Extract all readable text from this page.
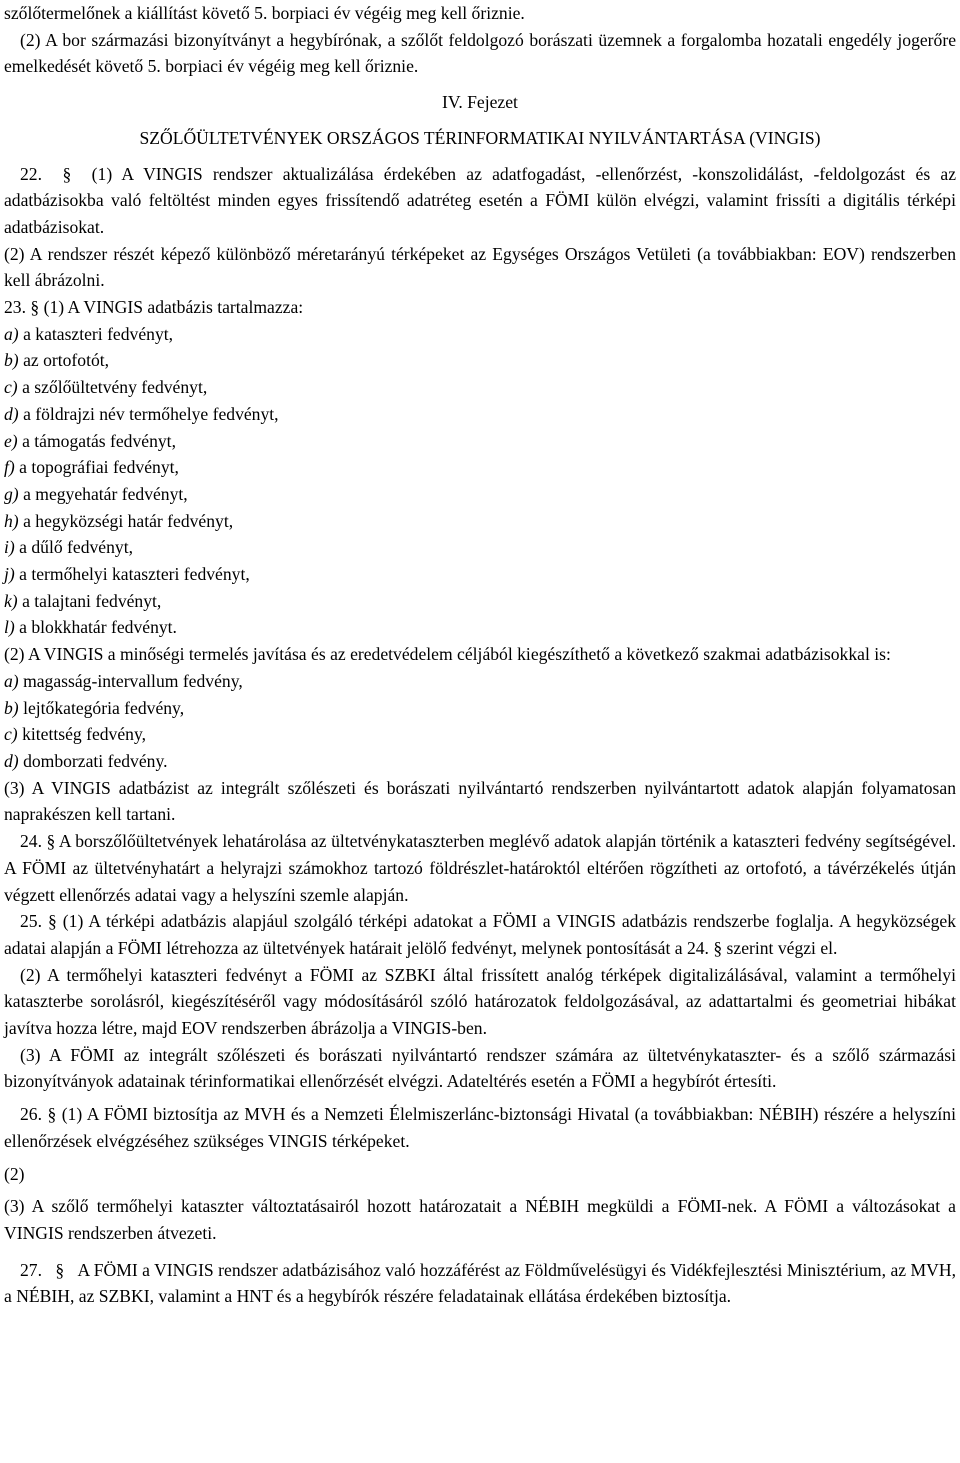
szőlőtermelőnek a kiállítást követő 5. borpiaci év végéig meg kell őriznie.

(2) A bor származási bizonyítványt a hegybírónak, a szőlőt feldolgozó borászati üzemnek a forgalomba hozatali engedély jogerőre emelkedését követő 5. borpiaci év végéig meg kell őriznie.

IV. Fejezet

SZŐLŐÜLTETVÉNYEK ORSZÁGOS TÉRINFORMATIKAI NYILVÁNTARTÁSA (VINGIS)

22. § (1) A VINGIS rendszer aktualizálása érdekében az adatfogadást, -ellenőrzést, -konszolidálást, -feldolgozást és az adatbázisokba való feltöltést minden egyes frissítendő adatréteg esetén a FÖMI külön elvégzi, valamint frissíti a digitális térképi adatbázisokat.

(2) A rendszer részét képező különböző méretarányú térképeket az Egységes Országos Vetületi (a továbbiakban: EOV) rendszerben kell ábrázolni.

23. § (1) A VINGIS adatbázis tartalmazza:

a) a kataszteri fedvényt,

b) az ortofotót,

c) a szőlőültetvény fedvényt,

d) a földrajzi név termőhelye fedvényt,

e) a támogatás fedvényt,

f) a topográfiai fedvényt,

g) a megyehatár fedvényt,

h) a hegyközségi határ fedvényt,

i) a dűlő fedvényt,

j) a termőhelyi kataszteri fedvényt,

k) a talajtani fedvényt,

l) a blokkhatár fedvényt.

(2) A VINGIS a minőségi termelés javítása és az eredetvédelem céljából kiegészíthető a következő szakmai adatbázisokkal is:

a) magasság-intervallum fedvény,

b) lejtőkategória fedvény,

c) kitettség fedvény,

d) domborzati fedvény.

(3) A VINGIS adatbázist az integrált szőlészeti és borászati nyilvántartó rendszerben nyilvántartott adatok alapján folyamatosan naprakészen kell tartani.

24. § A borszőlőültetvények lehatárolása az ültetvénykataszterben meglévő adatok alapján történik a kataszteri fedvény segítségével. A FÖMI az ültetvényhatárt a helyrajzi számokhoz tartozó földrészlet-határoktól eltérően rögzítheti az ortofotó, a távérzékelés útján végzett ellenőrzés adatai vagy a helyszíni szemle alapján.

25. § (1) A térképi adatbázis alapjául szolgáló térképi adatokat a FÖMI a VINGIS adatbázis rendszerbe foglalja. A hegyközségek adatai alapján a FÖMI létrehozza az ültetvények határait jelölő fedvényt, melynek pontosítását a 24. § szerint végzi el.

(2) A termőhelyi kataszteri fedvényt a FÖMI az SZBKI által frissített analóg térképek digitalizálásával, valamint a termőhelyi kataszterbe sorolásról, kiegészítéséről vagy módosításáról szóló határozatok feldolgozásával, az adattartalmi és geometriai hibákat javítva hozza létre, majd EOV rendszerben ábrázolja a VINGIS-ben.

(3) A FÖMI az integrált szőlészeti és borászati nyilvántartó rendszer számára az ültetvénykataszter- és a szőlő származási bizonyítványok adatainak térinformatikai ellenőrzését elvégzi. Adateltérés esetén a FÖMI a hegybírót értesíti.

26. § (1) A FÖMI biztosítja az MVH és a Nemzeti Élelmiszerlánc-biztonsági Hivatal (a továbbiakban: NÉBIH) részére a helyszíni ellenőrzések elvégzéséhez szükséges VINGIS térképeket.

(2)

(3) A szőlő termőhelyi kataszter változtatásairól hozott határozatait a NÉBIH megküldi a FÖMI-nek. A FÖMI a változásokat a VINGIS rendszerben átvezeti.

27. § A FÖMI a VINGIS rendszer adatbázisához való hozzáférést az Földművelésügyi és Vidékfejlesztési Minisztérium, az MVH, a NÉBIH, az SZBKI, valamint a HNT és a hegybírók részére feladatainak ellátása érdekében biztosítja.
